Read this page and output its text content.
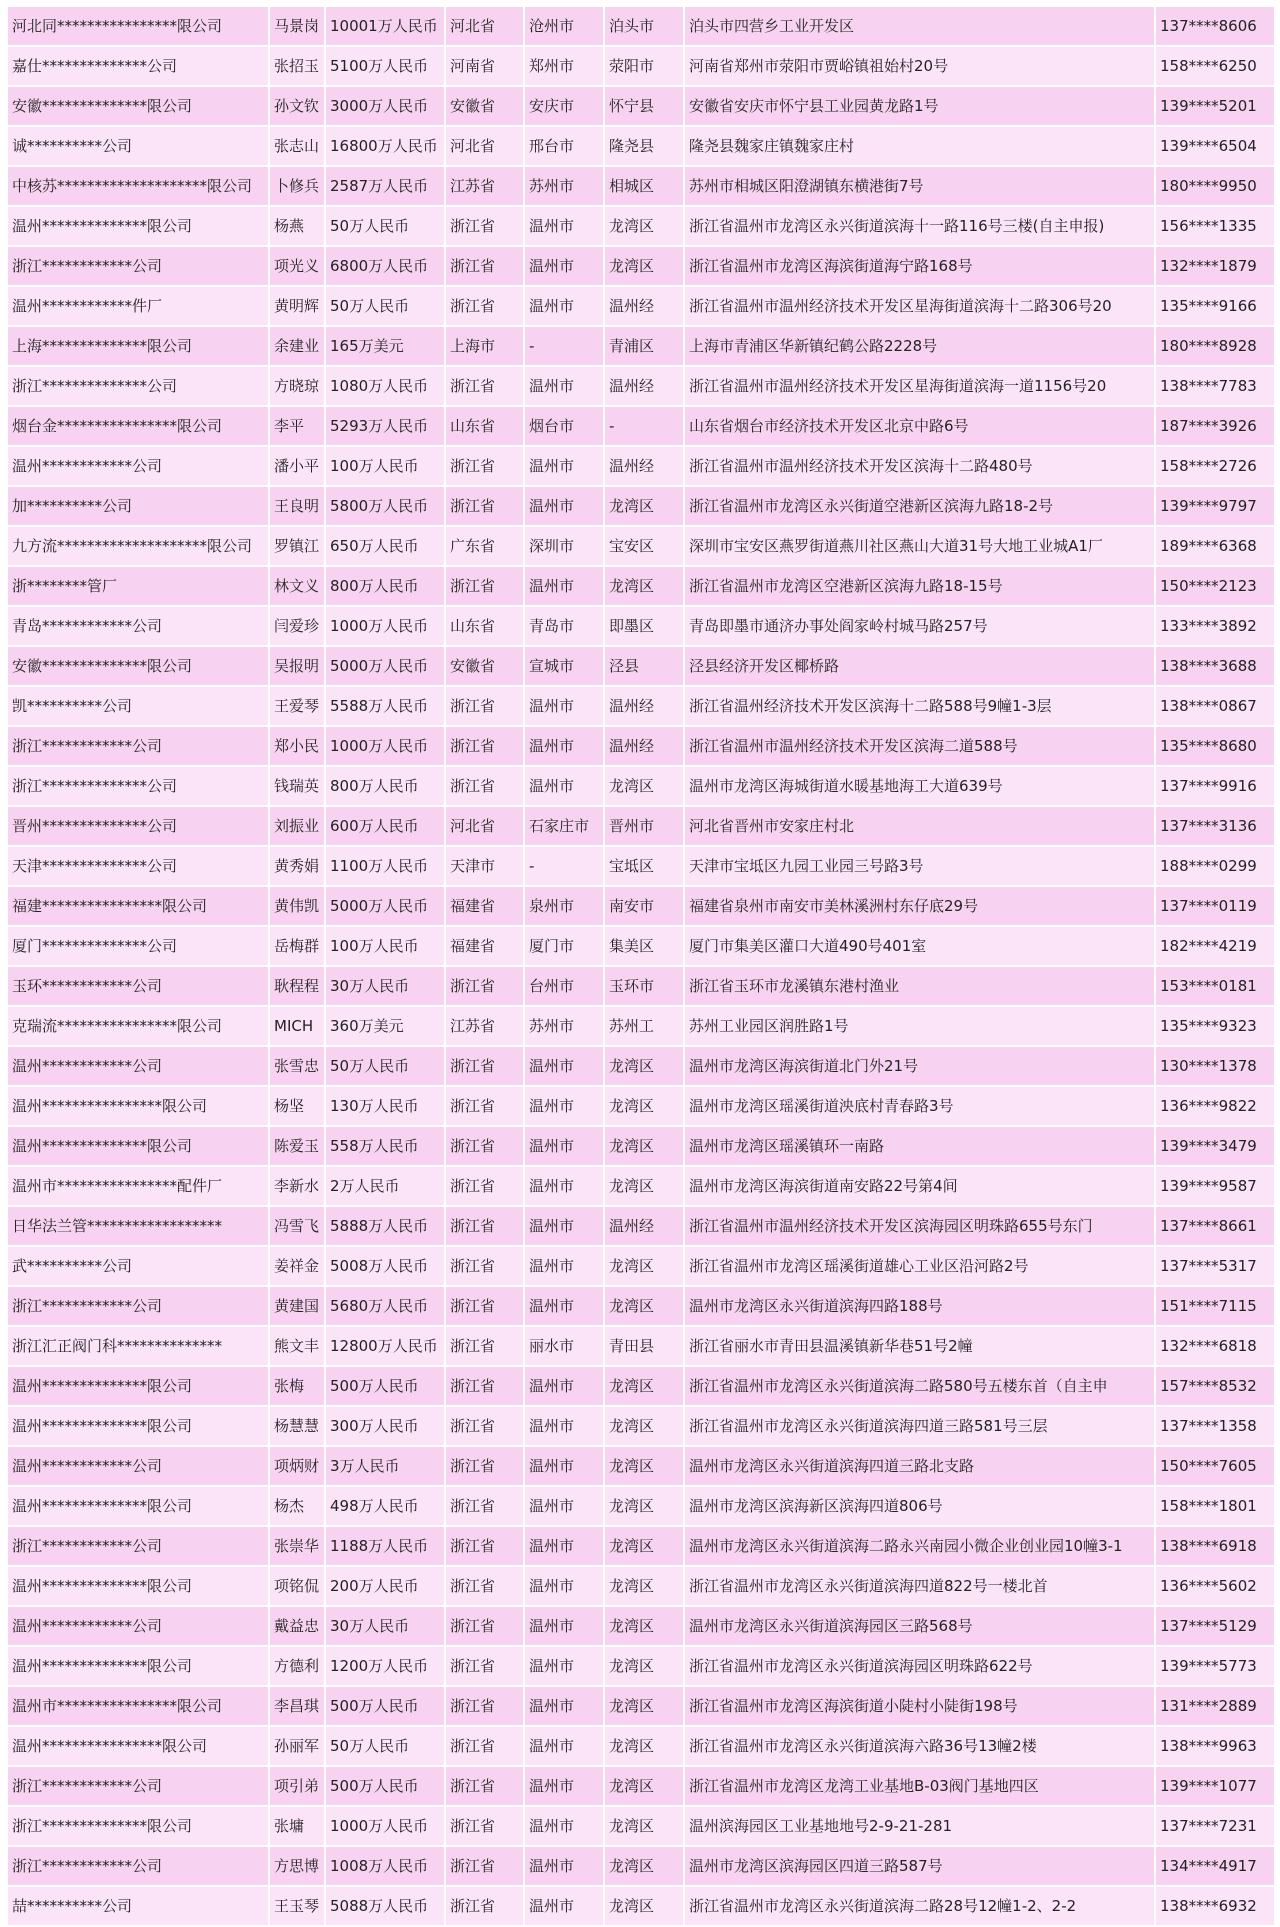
河北同****************限公司	马景岗	10001万人民币	河北省	沧州市	泊头市	泊头市四营乡工业开发区	137****8606
嘉仕**************公司	张招玉	5100万人民币	河南省	郑州市	荥阳市	河南省郑州市荥阳市贾峪镇祖始村20号	158****6250
安徽**************限公司	孙文钦	3000万人民币	安徽省	安庆市	怀宁县	安徽省安庆市怀宁县工业园黄龙路1号	139****5201
诚**********公司	张志山	16800万人民币	河北省	邢台市	隆尧县	隆尧县魏家庄镇魏家庄村	139****6504
中核苏********************限公司	卜修兵	2587万人民币	江苏省	苏州市	相城区	苏州市相城区阳澄湖镇东横港街7号	180****9950
温州**************限公司	杨燕	50万人民币	浙江省	温州市	龙湾区	浙江省温州市龙湾区永兴街道滨海十一路116号三楼(自主申报)	156****1335
浙江************公司	项光义	6800万人民币	浙江省	温州市	龙湾区	浙江省温州市龙湾区海滨街道海宁路168号	132****1879
温州************件厂	黄明辉	50万人民币	浙江省	温州市	温州经	浙江省温州市温州经济技术开发区星海街道滨海十二路306号20	135****9166
上海**************限公司	余建业	165万美元	上海市	-	青浦区	上海市青浦区华新镇纪鹤公路2228号	180****8928
浙江**************公司	方晓琼	1080万人民币	浙江省	温州市	温州经	浙江省温州市温州经济技术开发区星海街道滨海一道1156号20	138****7783
烟台金****************限公司	李平	5293万人民币	山东省	烟台市	-	山东省烟台市经济技术开发区北京中路6号	187****3926
温州************公司	潘小平	100万人民币	浙江省	温州市	温州经	浙江省温州市温州经济技术开发区滨海十二路480号	158****2726
加**********公司	王良明	5800万人民币	浙江省	温州市	龙湾区	浙江省温州市龙湾区永兴街道空港新区滨海九路18-2号	139****9797
九方流********************限公司	罗镇江	650万人民币	广东省	深圳市	宝安区	深圳市宝安区燕罗街道燕川社区燕山大道31号大地工业城A1厂	189****6368
浙********管厂	林文义	800万人民币	浙江省	温州市	龙湾区	浙江省温州市龙湾区空港新区滨海九路18-15号	150****2123
青岛************公司	闫爱珍	1000万人民币	山东省	青岛市	即墨区	青岛即墨市通济办事处阎家岭村城马路257号	133****3892
安徽**************限公司	吴报明	5000万人民币	安徽省	宣城市	泾县	泾县经济开发区椰桥路	138****3688
凯**********公司	王爱琴	5588万人民币	浙江省	温州市	温州经	浙江省温州经济技术开发区滨海十二路588号9幢1-3层	138****0867
浙江************公司	郑小民	1000万人民币	浙江省	温州市	温州经	浙江省温州市温州经济技术开发区滨海二道588号	135****8680
浙江**************公司	钱瑞英	800万人民币	浙江省	温州市	龙湾区	温州市龙湾区海城街道水暖基地海工大道639号	137****9916
晋州**************公司	刘振业	600万人民币	河北省	石家庄市	晋州市	河北省晋州市安家庄村北	137****3136
天津**************公司	黄秀娟	1100万人民币	天津市	-	宝坻区	天津市宝坻区九园工业园三号路3号	188****0299
福建****************限公司	黄伟凯	5000万人民币	福建省	泉州市	南安市	福建省泉州市南安市美林溪洲村东仔底29号	137****0119
厦门**************公司	岳梅群	100万人民币	福建省	厦门市	集美区	厦门市集美区灌口大道490号401室	182****4219
玉环************公司	耿程程	30万人民币	浙江省	台州市	玉环市	浙江省玉环市龙溪镇东港村渔业	153****0181
克瑞流****************限公司	MICH	360万美元	江苏省	苏州市	苏州工	苏州工业园区润胜路1号	135****9323
温州************公司	张雪忠	50万人民币	浙江省	温州市	龙湾区	温州市龙湾区海滨街道北门外21号	130****1378
温州****************限公司	杨坚	130万人民币	浙江省	温州市	龙湾区	温州市龙湾区瑶溪街道泱底村青春路3号	136****9822
温州**************限公司	陈爱玉	558万人民币	浙江省	温州市	龙湾区	温州市龙湾区瑶溪镇环一南路	139****3479
温州市****************配件厂	李新水	2万人民币	浙江省	温州市	龙湾区	温州市龙湾区海滨街道南安路22号第4间	139****9587
日华法兰管******************	冯雪飞	5888万人民币	浙江省	温州市	温州经	浙江省温州市温州经济技术开发区滨海园区明珠路655号东门	137****8661
武**********公司	姜祥金	5008万人民币	浙江省	温州市	龙湾区	浙江省温州市龙湾区瑶溪街道雄心工业区沿河路2号	137****5317
浙江************公司	黄建国	5680万人民币	浙江省	温州市	龙湾区	温州市龙湾区永兴街道滨海四路188号	151****7115
浙江汇正阀门科**************	熊文丰	12800万人民币	浙江省	丽水市	青田县	浙江省丽水市青田县温溪镇新华巷51号2幢	132****6818
温州**************限公司	张梅	500万人民币	浙江省	温州市	龙湾区	浙江省温州市龙湾区永兴街道滨海二路580号五楼东首（自主申	157****8532
温州**************限公司	杨慧慧	300万人民币	浙江省	温州市	龙湾区	浙江省温州市龙湾区永兴街道滨海四道三路581号三层	137****1358
温州************公司	项炳财	3万人民币	浙江省	温州市	龙湾区	温州市龙湾区永兴街道滨海四道三路北支路	150****7605
温州**************限公司	杨杰	498万人民币	浙江省	温州市	龙湾区	温州市龙湾区滨海新区滨海四道806号	158****1801
浙江************公司	张崇华	1188万人民币	浙江省	温州市	龙湾区	温州市龙湾区永兴街道滨海二路永兴南园小微企业创业园10幢3-1	138****6918
温州**************限公司	项铭侃	200万人民币	浙江省	温州市	龙湾区	浙江省温州市龙湾区永兴街道滨海四道822号一楼北首	136****5602
温州************公司	戴益忠	30万人民币	浙江省	温州市	龙湾区	温州市龙湾区永兴街道滨海园区三路568号	137****5129
温州**************限公司	方德利	1200万人民币	浙江省	温州市	龙湾区	浙江省温州市龙湾区永兴街道滨海园区明珠路622号	139****5773
温州市****************限公司	李昌琪	500万人民币	浙江省	温州市	龙湾区	浙江省温州市龙湾区海滨街道小陡村小陡街198号	131****2889
温州****************限公司	孙丽军	50万人民币	浙江省	温州市	龙湾区	浙江省温州市龙湾区永兴街道滨海六路36号13幢2楼	138****9963
浙江************公司	项引弟	500万人民币	浙江省	温州市	龙湾区	浙江省温州市龙湾区龙湾工业基地B-03阀门基地四区	139****1077
浙江**************限公司	张墉	1000万人民币	浙江省	温州市	龙湾区	温州滨海园区工业基地地号2-9-21-281	137****7231
浙江************公司	方思博	1008万人民币	浙江省	温州市	龙湾区	温州市龙湾区滨海园区四道三路587号	134****4917
喆**********公司	王玉琴	5088万人民币	浙江省	温州市	龙湾区	浙江省温州市龙湾区永兴街道滨海二路28号12幢1-2、2-2	138****6932
